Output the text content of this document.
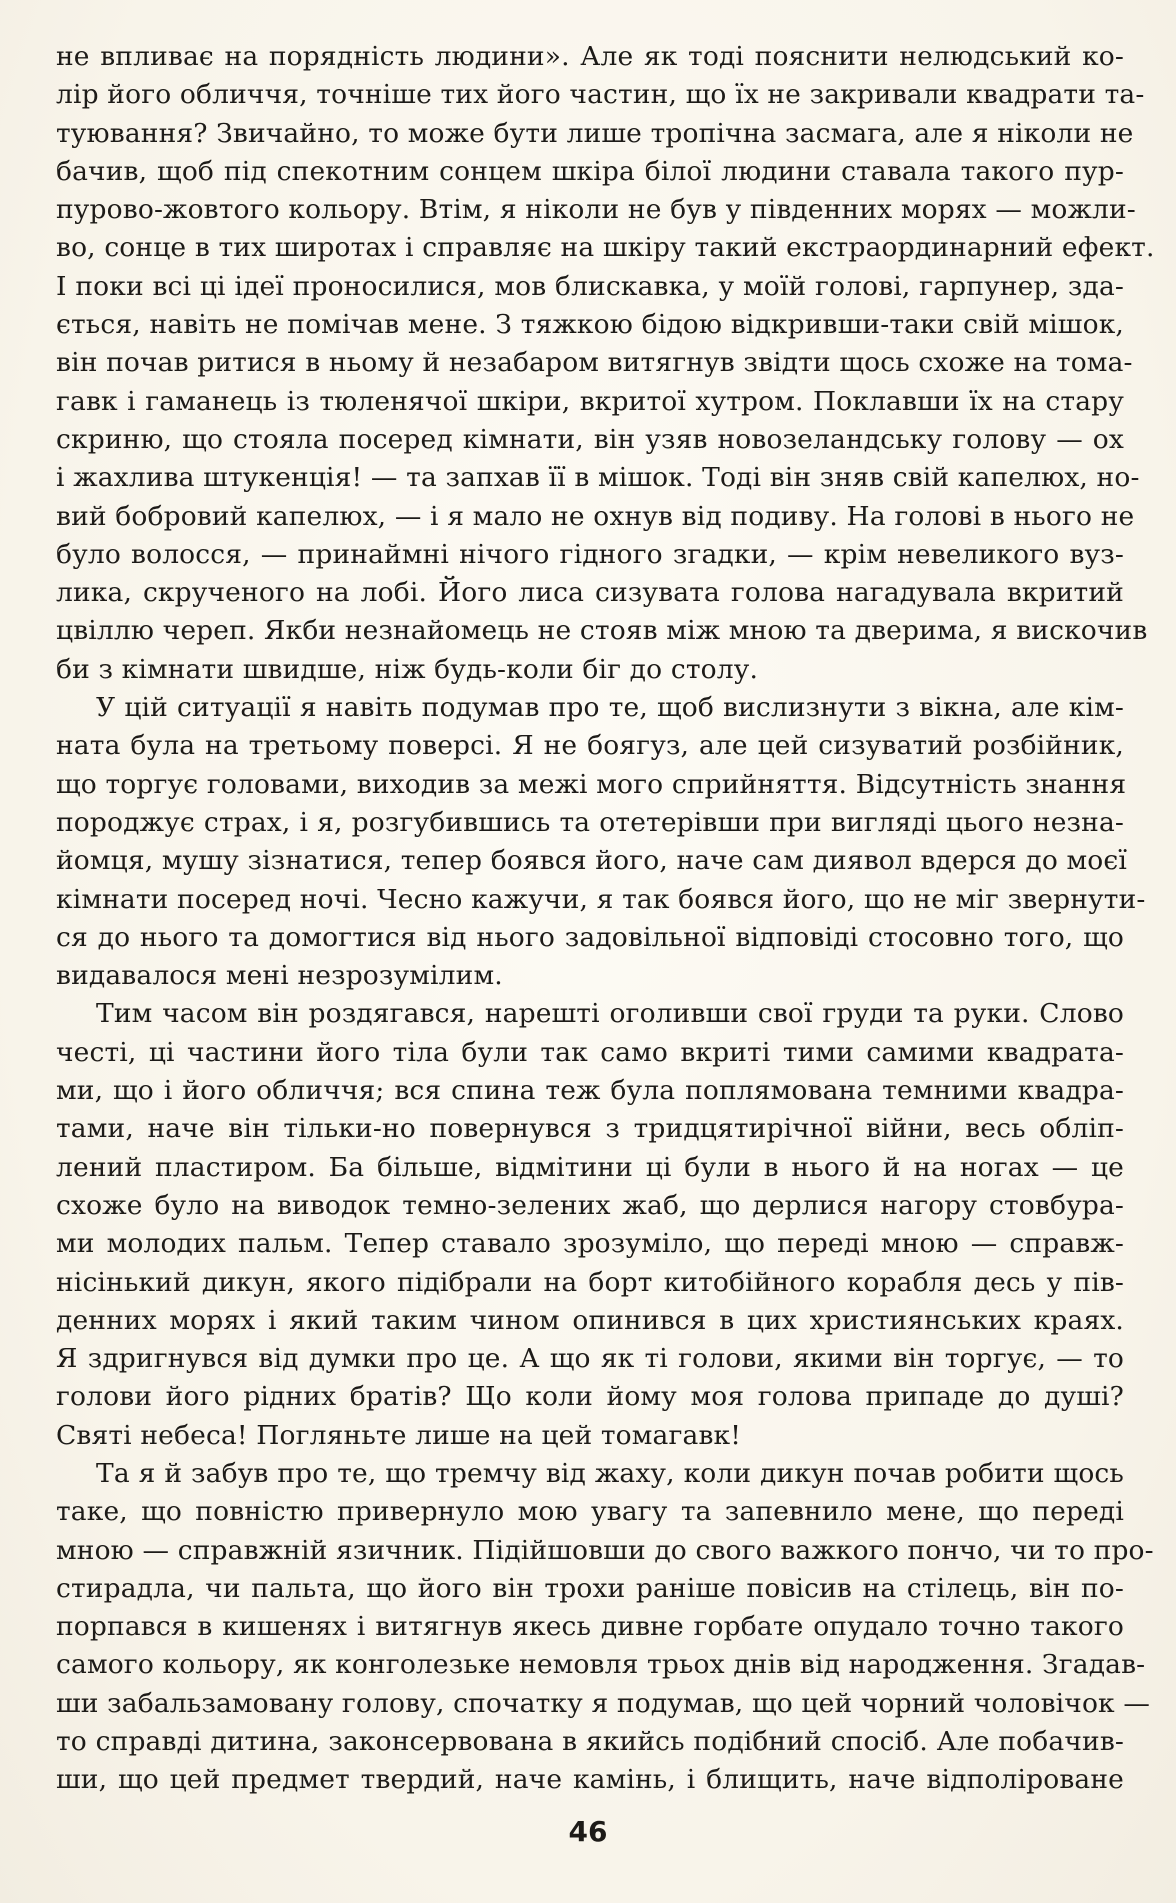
не впливає на порядність людини». Але як тоді пояснити нелюдський ко-
лір його обличчя, точніше тих його частин, що їх не закривали квадрати та-
туювання? Звичайно, то може бути лише тропічна засмага, але я ніколи не
бачив, щоб під спекотним сонцем шкіра білої людини ставала такого пур-
пурово-жовтого кольору. Втім, я ніколи не був у південних морях — можли-
во, сонце в тих широтах і справляє на шкіру такий екстраординарний ефект.
І поки всі ці ідеї проносилися, мов блискавка, у моїй голові, гарпунер, зда-
ється, навіть не помічав мене. З тяжкою бідою відкривши-таки свій мішок,
він почав ритися в ньому й незабаром витягнув звідти щось схоже на тома-
гавк і гаманець із тюленячої шкіри, вкритої хутром. Поклавши їх на стару
скриню, що стояла посеред кімнати, він узяв новозеландську голову — ох
і жахлива штукенція! — та запхав її в мішок. Тоді він зняв свій капелюх, но-
вий бобровий капелюх, — і я мало не охнув від подиву. На голові в нього не
було волосся, — принаймні нічого гідного згадки, — крім невеликого вуз-
лика, скрученого на лобі. Його лиса сизувата голова нагадувала вкритий
цвіллю череп. Якби незнайомець не стояв між мною та дверима, я вискочив
би з кімнати швидше, ніж будь-коли біг до столу.
У цій ситуації я навіть подумав про те, щоб вислизнути з вікна, але кім-
ната була на третьому поверсі. Я не боягуз, але цей сизуватий розбійник,
що торгує головами, виходив за межі мого сприйняття. Відсутність знання
породжує страх, і я, розгубившись та отетерівши при вигляді цього незна-
йомця, мушу зізнатися, тепер боявся його, наче сам диявол вдерся до моєї
кімнати посеред ночі. Чесно кажучи, я так боявся його, що не міг звернути-
ся до нього та домогтися від нього задовільної відповіді стосовно того, що
видавалося мені незрозумілим.
Тим часом він роздягався, нарешті оголивши свої груди та руки. Слово
честі, ці частини його тіла були так само вкриті тими самими квадрата-
ми, що і його обличчя; вся спина теж була поплямована темними квадра-
тами, наче він тільки-но повернувся з тридцятирічної війни, весь обліп-
лений пластиром. Ба більше, відмітини ці були в нього й на ногах — це
схоже було на виводок темно-зелених жаб, що дерлися нагору стовбура-
ми молодих пальм. Тепер ставало зрозуміло, що переді мною — справж-
нісінький дикун, якого підібрали на борт китобійного корабля десь у пів-
денних морях і який таким чином опинився в цих християнських краях.
Я здригнувся від думки про це. А що як ті голови, якими він торгує, — то
голови його рідних братів? Що коли йому моя голова припаде до душі?
Святі небеса! Погляньте лише на цей томагавк!
Та я й забув про те, що тремчу від жаху, коли дикун почав робити щось
таке, що повністю привернуло мою увагу та запевнило мене, що переді
мною — справжній язичник. Підійшовши до свого важкого пончо, чи то про-
стирадла, чи пальта, що його він трохи раніше повісив на стілець, він по-
порпався в кишенях і витягнув якесь дивне горбате опудало точно такого
самого кольору, як конголезьке немовля трьох днів від народження. Згадав-
ши забальзамовану голову, спочатку я подумав, що цей чорний чоловічок —
то справді дитина, законсервована в якийсь подібний спосіб. Але побачив-
ши, що цей предмет твердий, наче камінь, і блищить, наче відполіроване
46
